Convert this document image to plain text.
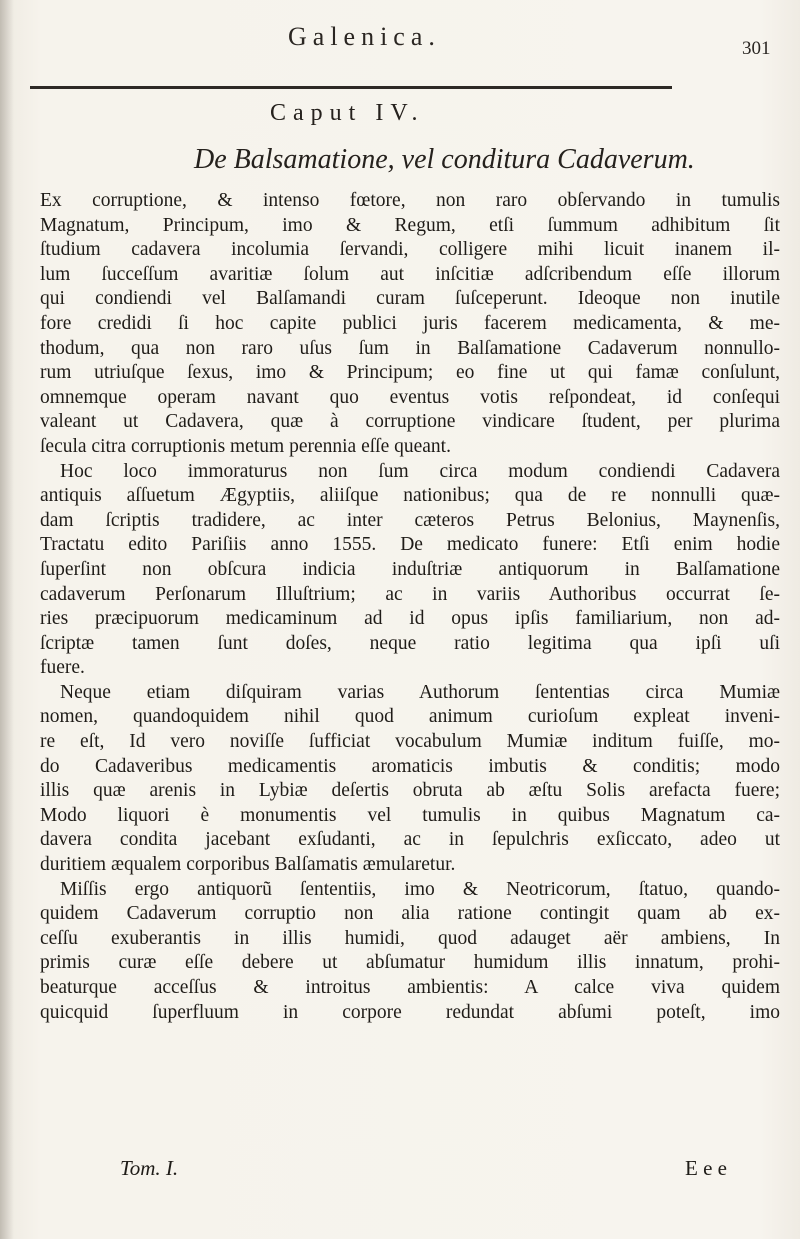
Galenica.	301
Caput IV.
De Balsamatione, vel conditura Cadaverum.
Ex corruptione, & intenso fœtore, non raro obſervando in tumulis
Magnatum, Principum, imo & Regum, etſi ſummum adhibitum ſit
ſtudium cadavera incolumia ſervandi, colligere mihi licuit inanem il-
lum ſucceſſum avaritiæ ſolum aut inſcitiæ adſcribendum eſſe illorum
qui condiendi vel Balſamandi curam ſuſceperunt. Ideoque non inutile
fore credidi ſi hoc capite publici juris facerem medicamenta, & me-
thodum, qua non raro uſus ſum in Balſamatione Cadaverum nonnullo-
rum utriuſque ſexus, imo & Principum; eo fine ut qui famæ conſulunt,
omnemque operam navant quo eventus votis reſpondeat, id conſequi
valeant ut Cadavera, quæ à corruptione vindicare ſtudent, per plurima
ſecula citra corruptionis metum perennia eſſe queant.
Hoc loco immoraturus non ſum circa modum condiendi Cadavera
antiquis aſſuetum Ægyptiis, aliiſque nationibus; qua de re nonnulli quæ-
dam ſcriptis tradidere, ac inter cæteros Petrus Belonius, Maynenſis,
Tractatu edito Pariſiis anno 1555. De medicato funere: Etſi enim hodie
ſuperſint non obſcura indicia induſtriæ antiquorum in Balſamatione
cadaverum Perſonarum Illuſtrium; ac in variis Authoribus occurrat ſe-
ries præcipuorum medicaminum ad id opus ipſis familiarium, non ad-
ſcriptæ tamen ſunt doſes, neque ratio legitima qua ipſi uſi
fuere.
Neque etiam diſquiram varias Authorum ſententias circa Mumiæ
nomen, quandoquidem nihil quod animum curioſum expleat inveni-
re eſt, Id vero noviſſe ſufficiat vocabulum Mumiæ inditum fuiſſe, mo-
do Cadaveribus medicamentis aromaticis imbutis & conditis; modo
illis quæ arenis in Lybiæ deſertis obruta ab æſtu Solis arefacta fuere;
Modo liquori è monumentis vel tumulis in quibus Magnatum ca-
davera condita jacebant exſudanti, ac in ſepulchris exſiccato, adeo ut
duritiem æqualem corporibus Balſamatis æmularetur.
Miſſis ergo antiquorũ ſententiis, imo & Neotricorum, ſtatuo, quando-
quidem Cadaverum corruptio non alia ratione contingit quam ab ex-
ceſſu exuberantis in illis humidi, quod adauget aër ambiens, In
primis curæ eſſe debere ut abſumatur humidum illis innatum, prohi-
beaturque acceſſus & introitus ambientis: A calce viva quidem
quicquid ſuperfluum in corpore redundat abſumi poteſt, imo
Tom. I.	E e e
